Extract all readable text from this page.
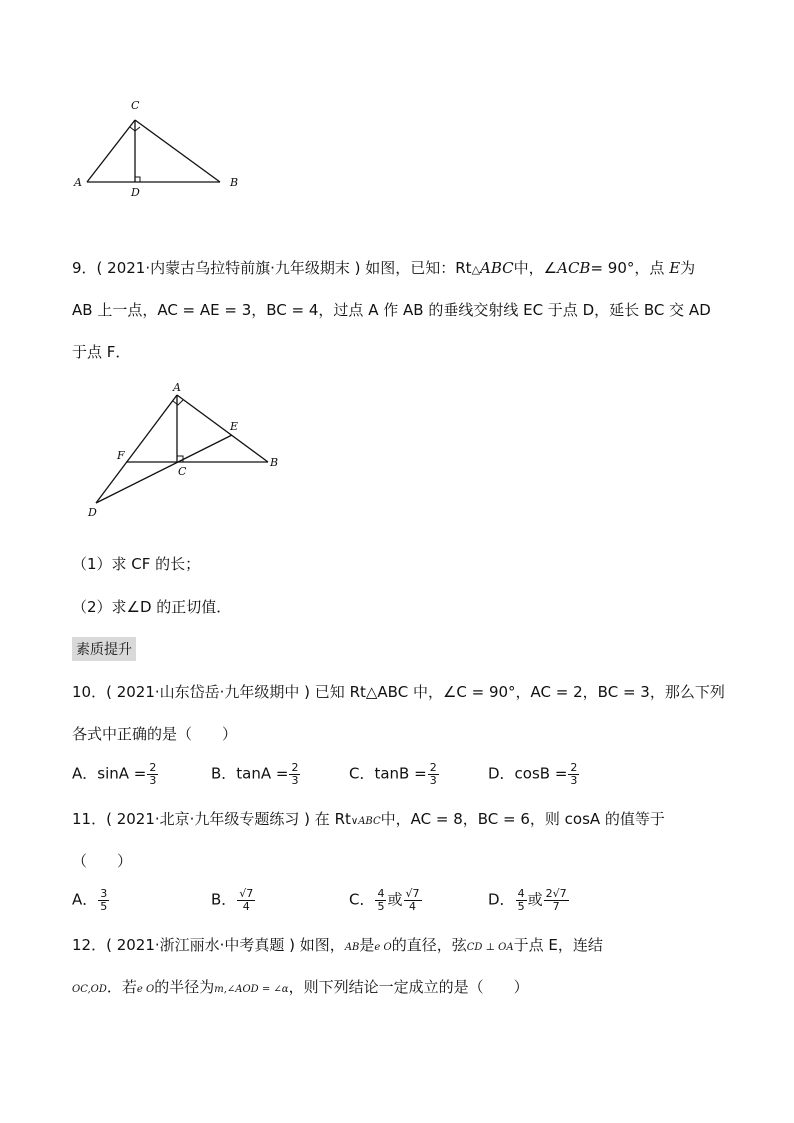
C
A
D
B
9．( 2021·内蒙古乌拉特前旗·九年级期末 ) 如图，已知：Rt△ABC中，∠ACB= 90°，点 E为
AB 上一点，AC = AE = 3，BC = 4，过点 A 作 AB 的垂线交射线 EC 于点 D，延长 BC 交 AD
于点 F．
A
E
F
C
B
D
（1）求 CF 的长；
（2）求∠D 的正切值．
素质提升
10．( 2021·山东岱岳·九年级期中 ) 已知 Rt△ABC 中，∠C = 90°，AC = 2，BC = 3，那么下列
各式中正确的是（　　）
A．$\sin A = \frac{2}{3}$	B．$\tan A = \frac{2}{3}$	C．$\tan B = \frac{2}{3}$	D．$\cos B = \frac{2}{3}$
11．( 2021·北京·九年级专题练习 ) 在 Rt∨ABC中，AC = 8，BC = 6，则 cosA 的值等于
（　　）
A． $\frac{3}{5}$	B． $\frac{√7}{4}$	C． $\frac{4}{5}$ 或 $\frac{√7}{4}$	D． $\frac{4}{5}$ 或 $\frac{2√7}{7}$
12．( 2021·浙江丽水·中考真题 ) 如图，AB是e O的直径，弦CD ⊥ OA于点 E，连结
OC,OD．若e O的半径为m,∠AOD = ∠α，则下列结论一定成立的是（　　）
